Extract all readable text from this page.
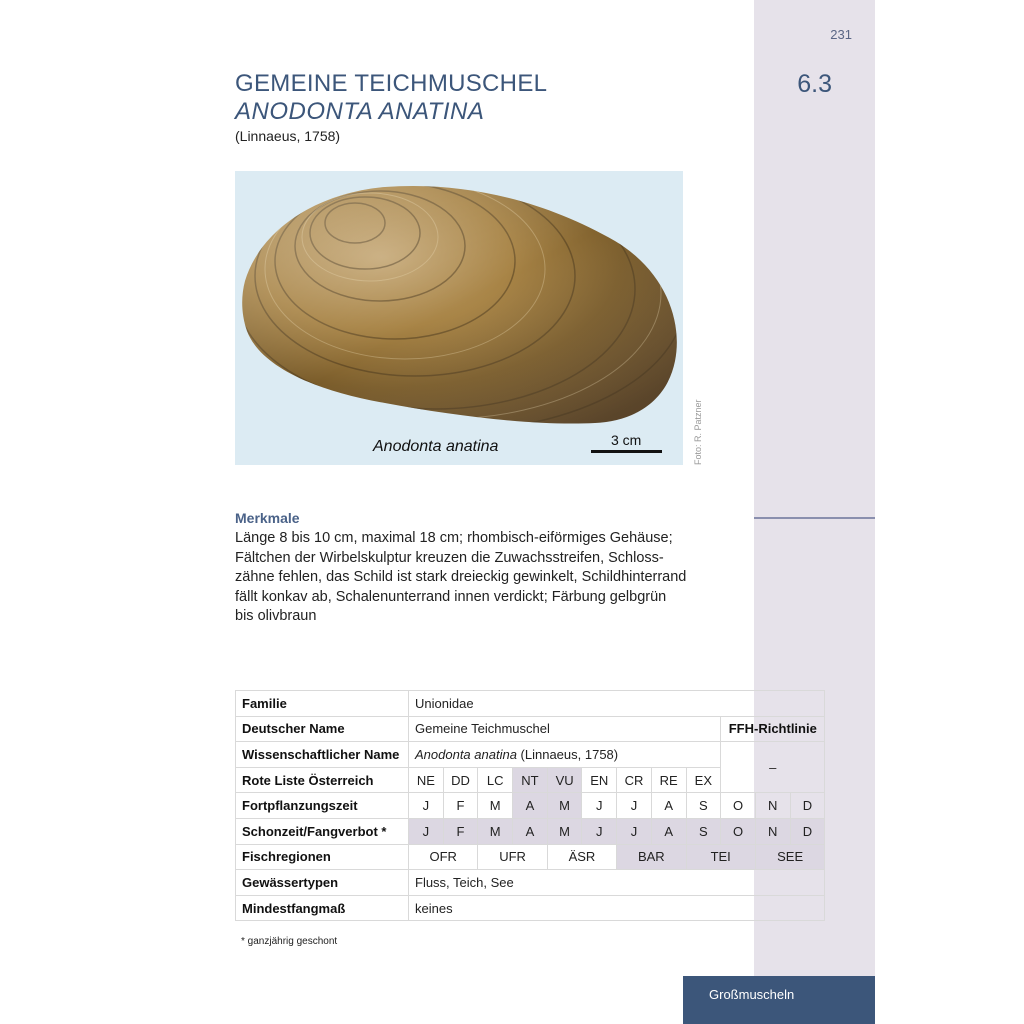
231
6.3
GEMEINE TEICHMUSCHEL
ANODONTA ANATINA
(Linnaeus, 1758)
Anodonta anatina	3 cm	Foto: R. Patzner
Merkmale
Länge 8 bis 10 cm, maximal 18 cm; rhombisch-eiförmiges Gehäuse;
Fältchen der Wirbelskulptur kreuzen die Zuwachsstreifen, Schloss-
zähne fehlen, das Schild ist stark dreieckig gewinkelt, Schildhinterrand
fällt konkav ab, Schalenunterrand innen verdickt; Färbung gelbgrün
bis olivbraun
Familie	Unionidae											
Deutscher Name	Gemeine Teichmuschel									FFH-Richtlinie		
Wissenschaftlicher Name	Anodonta anatina (Linnaeus, 1758)									–		
Rote Liste Österreich	NE	DD	LC	NT	VU	EN	CR	RE	EX			
Fortpflanzungszeit	J	F	M	A	M	J	J	A	S	O	N	D
Schonzeit/Fangverbot *	J	F	M	A	M	J	J	A	S	O	N	D
Fischregionen	OFR		UFR		ÄSR		BAR		TEI		SEE	
Gewässertypen	Fluss, Teich, See											
Mindestfangmaß	keines											
* ganzjährig geschont
Großmuscheln
